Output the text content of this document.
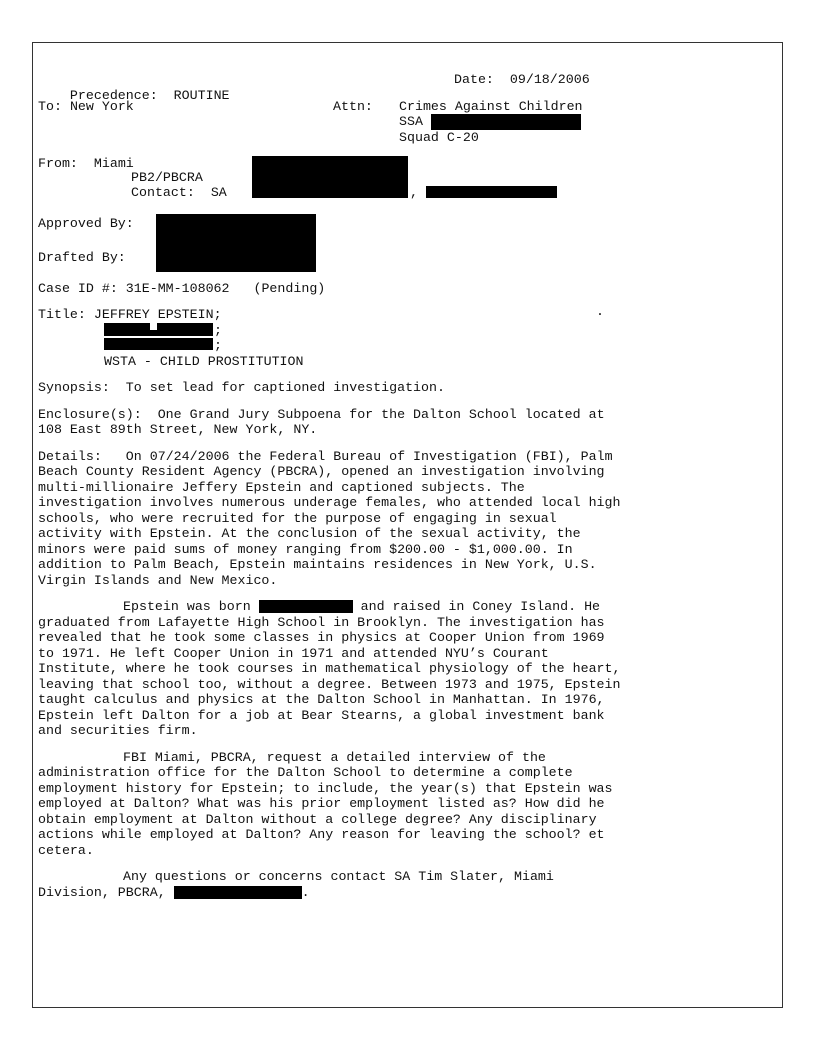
Precedence: ROUTINE

Date: 09/18/2006

To: New York	Attn: Crimes Against Children
SSA
Squad C-20
From: Miami
PB2/PBCRA
Contact: SA	,
Approved By:
Drafted By:
Case ID #: 31E-MM-108062 (Pending)
Title: JEFFREY EPSTEIN;	.
;
;
WSTA - CHILD PROSTITUTION
Synopsis: To set lead for captioned investigation.
Enclosure(s): One Grand Jury Subpoena for the Dalton School located at 108 East 89th Street, New York, NY.
Details: On 07/24/2006 the Federal Bureau of Investigation (FBI), Palm Beach County Resident Agency (PBCRA), opened an investigation involving multi-millionaire Jeffery Epstein and captioned subjects. The investigation involves numerous underage females, who attended local high schools, who were recruited for the purpose of engaging in sexual activity with Epstein. At the conclusion of the sexual activity, the minors were paid sums of money ranging from $200.00 - $1,000.00. In addition to Palm Beach, Epstein maintains residences in New York, U.S. Virgin Islands and New Mexico.
Epstein was born	and raised in Coney Island. He graduated from Lafayette High School in Brooklyn. The investigation has revealed that he took some classes in physics at Cooper Union from 1969 to 1971. He left Cooper Union in 1971 and attended NYU’s Courant Institute, where he took courses in mathematical physiology of the heart, leaving that school too, without a degree. Between 1973 and 1975, Epstein taught calculus and physics at the Dalton School in Manhattan. In 1976, Epstein left Dalton for a job at Bear Stearns, a global investment bank and securities firm.
FBI Miami, PBCRA, request a detailed interview of the administration office for the Dalton School to determine a complete employment history for Epstein; to include, the year(s) that Epstein was employed at Dalton? What was his prior employment listed as? How did he obtain employment at Dalton without a college degree? Any disciplinary actions while employed at Dalton? Any reason for leaving the school? et cetera.
Any questions or concerns contact SA Tim Slater, Miami Division, PBCRA,	.
